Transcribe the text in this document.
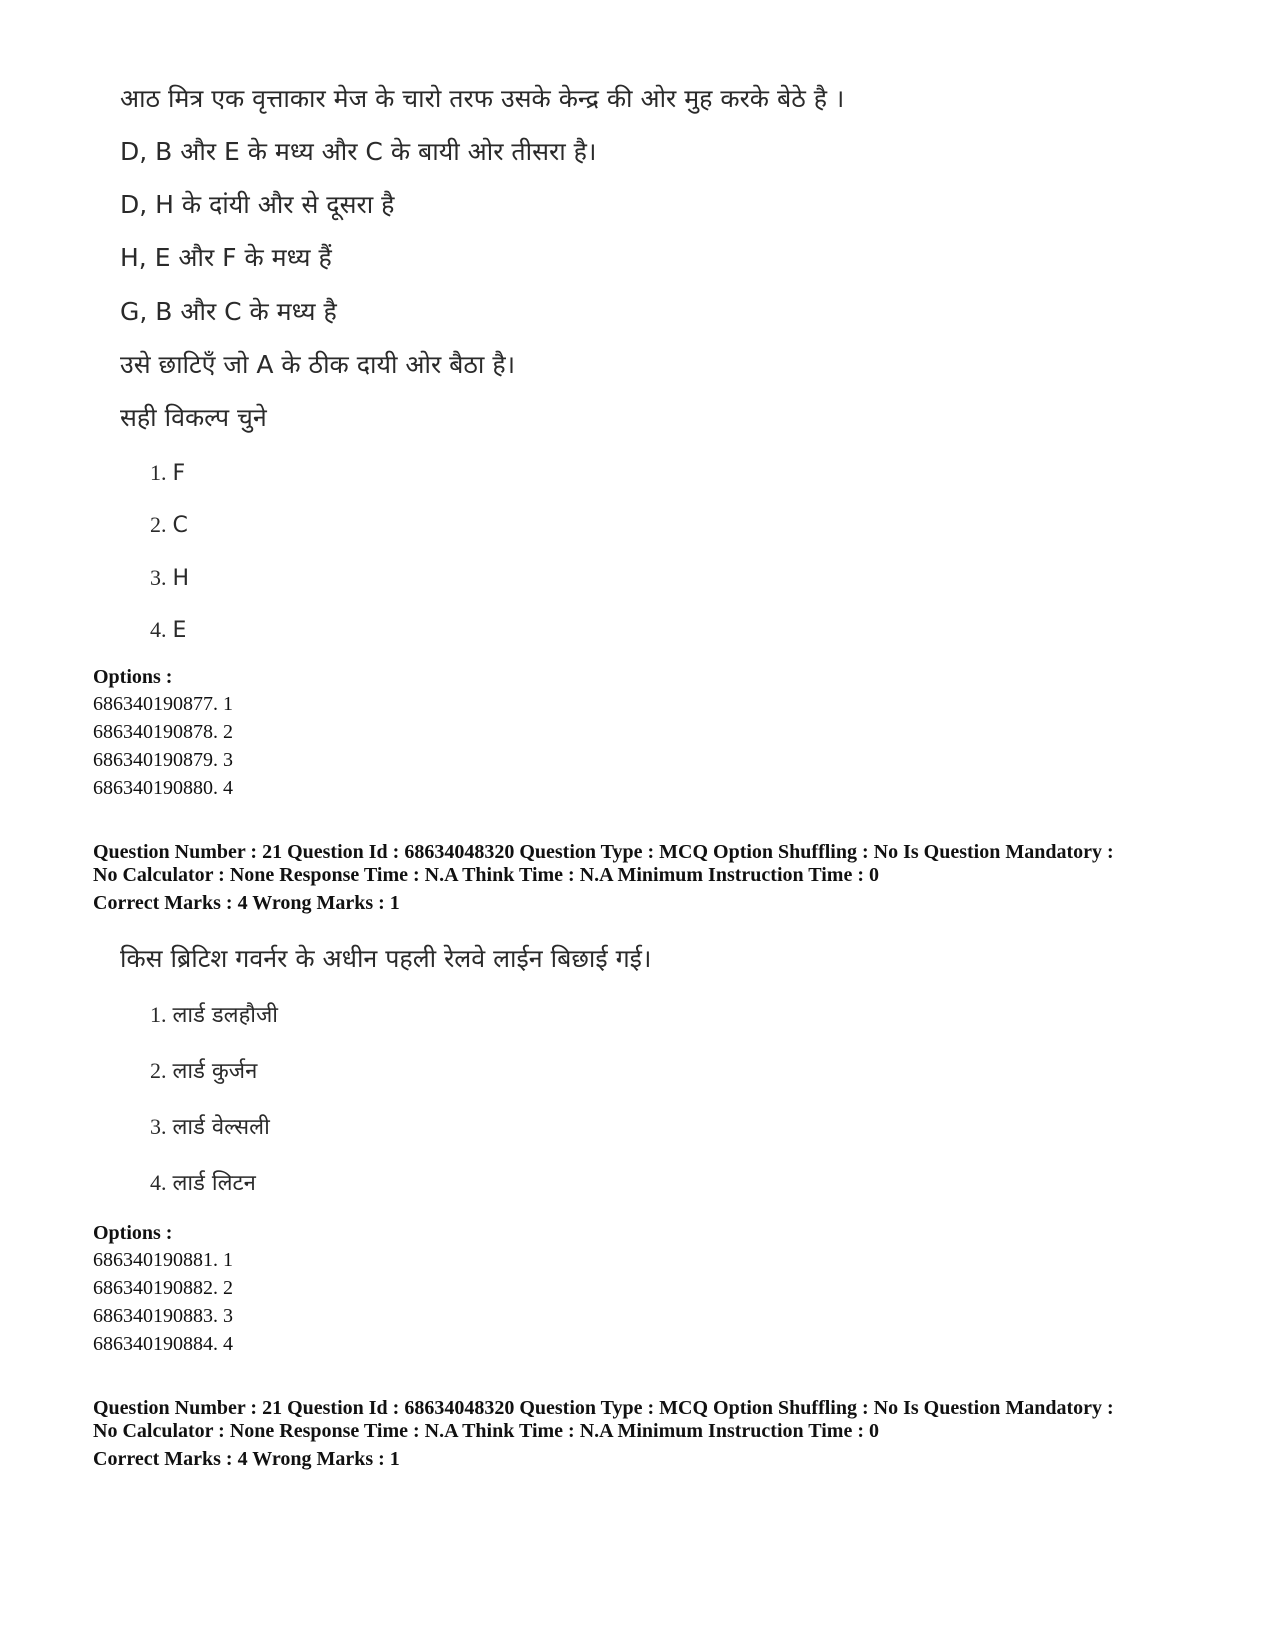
आठ मित्र एक वृत्ताकार मेज के चारो तरफ उसके केन्द्र की ओर मुह करके बेठे है ।
D, B और E के मध्य और C के बायी ओर तीसरा है।
D, H के दांयी और से दूसरा है
H, E और F के मध्य हैं
G, B और C के मध्य है
उसे छाटिएँ जो A के ठीक दायी ओर बैठा है।
सही विकल्प चुने
1. F
2. C
3. H
4. E
Options :
686340190877. 1
686340190878. 2
686340190879. 3
686340190880. 4
Question Number : 21 Question Id : 68634048320 Question Type : MCQ Option Shuffling : No Is Question Mandatory :
No Calculator : None Response Time : N.A Think Time : N.A Minimum Instruction Time : 0
Correct Marks : 4 Wrong Marks : 1
किस ब्रिटिश गवर्नर के अधीन पहली रेलवे लाईन बिछाई गई।
1. लार्ड डलहौजी
2. लार्ड कुर्जन
3. लार्ड वेल्सली
4. लार्ड लिटन
Options :
686340190881. 1
686340190882. 2
686340190883. 3
686340190884. 4
Question Number : 21 Question Id : 68634048320 Question Type : MCQ Option Shuffling : No Is Question Mandatory :
No Calculator : None Response Time : N.A Think Time : N.A Minimum Instruction Time : 0
Correct Marks : 4 Wrong Marks : 1
